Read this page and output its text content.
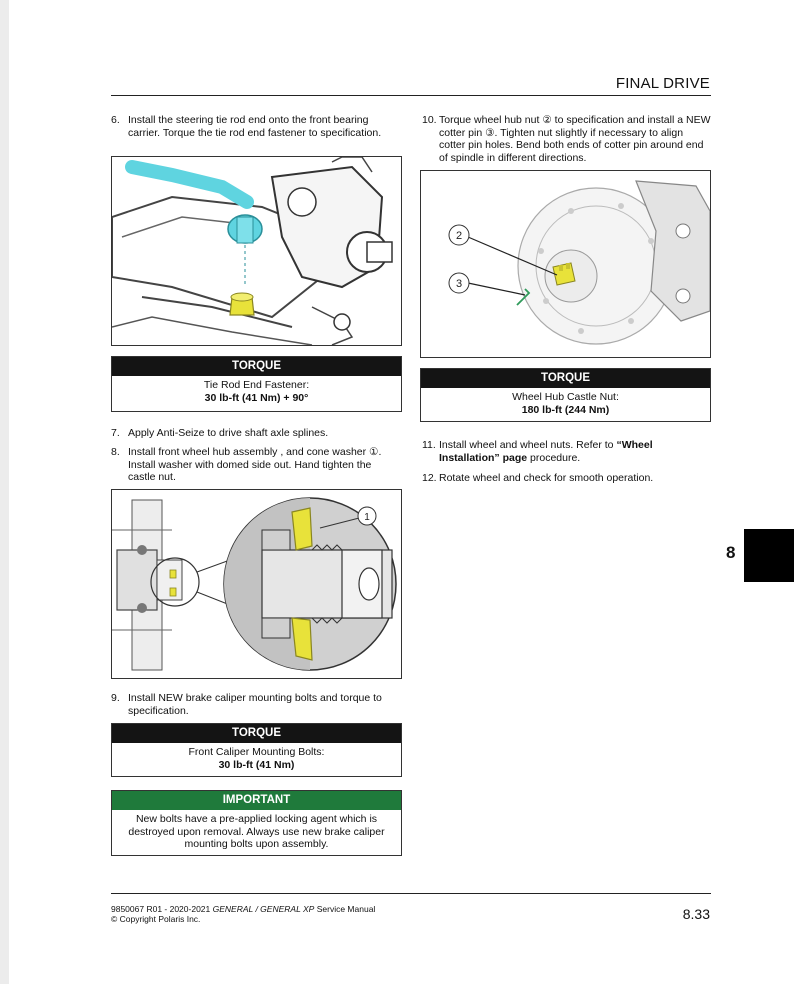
FINAL DRIVE
6. Install the steering tie rod end onto the front bearing carrier. Torque the tie rod end fastener to specification.
TORQUE
Tie Rod End Fastener:
30 lb-ft (41 Nm) + 90°
7. Apply Anti-Seize to drive shaft axle splines.
8. Install front wheel hub assembly , and cone washer ①. Install washer with domed side out. Hand tighten the castle nut.
1
9. Install NEW brake caliper mounting bolts and torque to specification.
TORQUE
Front Caliper Mounting Bolts:
30 lb-ft (41 Nm)
IMPORTANT
New bolts have a pre-applied locking agent which is destroyed upon removal. Always use new brake caliper mounting bolts upon assembly.
10. Torque wheel hub nut ② to specification and install a NEW cotter pin ③. Tighten nut slightly if necessary to align cotter pin holes. Bend both ends of cotter pin around end of spindle in different directions.
2
3
TORQUE
Wheel Hub Castle Nut:
180 lb-ft (244 Nm)
11. Install wheel and wheel nuts. Refer to “Wheel Installation” page procedure.
12. Rotate wheel and check for smooth operation.
8
9850067 R01 - 2020-2021 GENERAL / GENERAL XP Service Manual
© Copyright Polaris Inc.	8.33
